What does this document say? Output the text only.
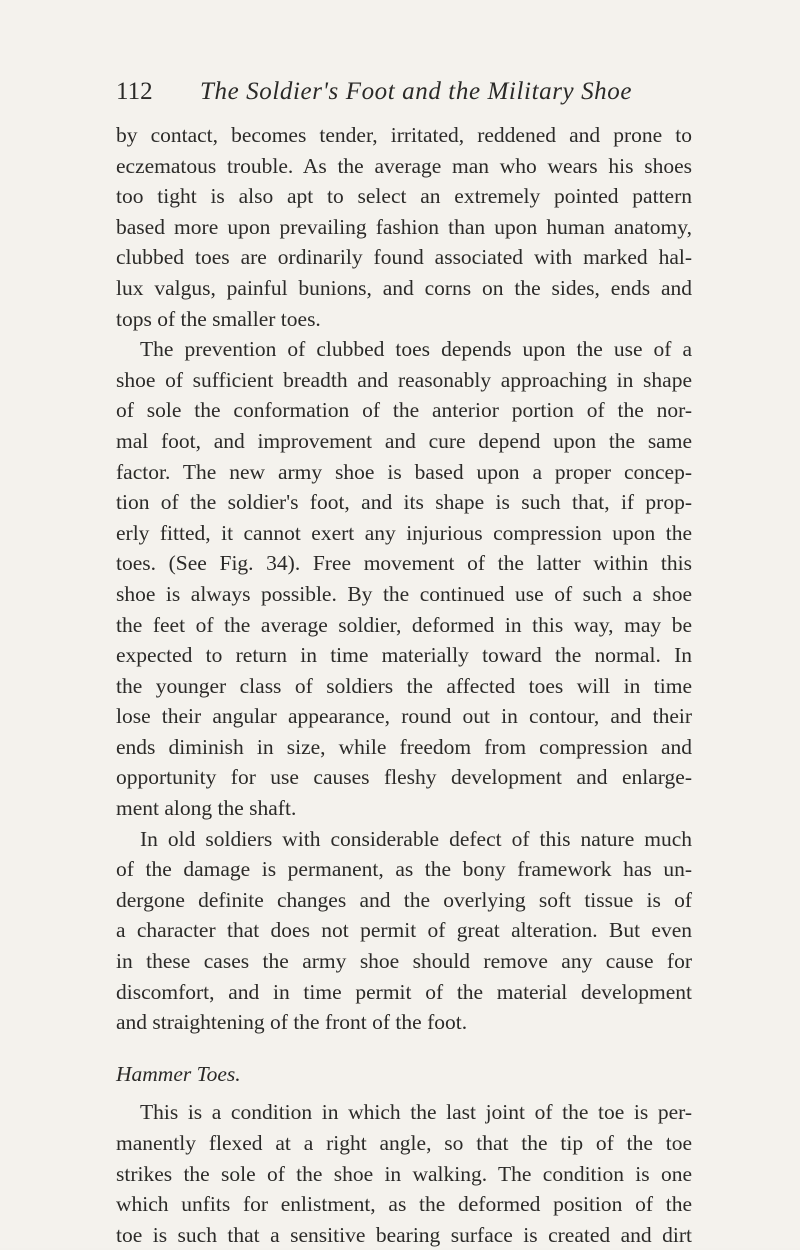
112 The Soldier's Foot and the Military Shoe
by contact, becomes tender, irritated, reddened and prone to
eczematous trouble. As the average man who wears his shoes
too tight is also apt to select an extremely pointed pattern
based more upon prevailing fashion than upon human anatomy,
clubbed toes are ordinarily found associated with marked hal-
lux valgus, painful bunions, and corns on the sides, ends and
tops of the smaller toes.
The prevention of clubbed toes depends upon the use of a
shoe of sufficient breadth and reasonably approaching in shape
of sole the conformation of the anterior portion of the nor-
mal foot, and improvement and cure depend upon the same
factor. The new army shoe is based upon a proper concep-
tion of the soldier's foot, and its shape is such that, if prop-
erly fitted, it cannot exert any injurious compression upon the
toes. (See Fig. 34). Free movement of the latter within this
shoe is always possible. By the continued use of such a shoe
the feet of the average soldier, deformed in this way, may be
expected to return in time materially toward the normal. In
the younger class of soldiers the affected toes will in time
lose their angular appearance, round out in contour, and their
ends diminish in size, while freedom from compression and
opportunity for use causes fleshy development and enlarge-
ment along the shaft.
In old soldiers with considerable defect of this nature much
of the damage is permanent, as the bony framework has un-
dergone definite changes and the overlying soft tissue is of
a character that does not permit of great alteration. But even
in these cases the army shoe should remove any cause for
discomfort, and in time permit of the material development
and straightening of the front of the foot.
Hammer Toes.
This is a condition in which the last joint of the toe is per-
manently flexed at a right angle, so that the tip of the toe
strikes the sole of the shoe in walking. The condition is one
which unfits for enlistment, as the deformed position of the
toe is such that a sensitive bearing surface is created and dirt
